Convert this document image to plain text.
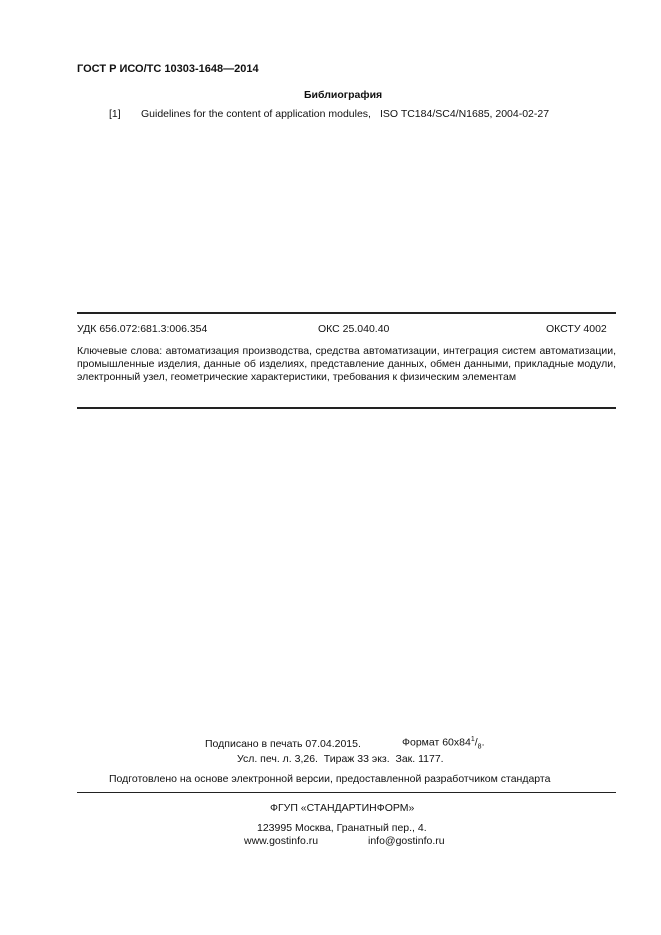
ГОСТ Р ИСО/ТС 10303-1648—2014
Библиография
[1] Guidelines for the content of application modules, ISO TC184/SC4/N1685, 2004-02-27
УДК 656.072:681.3:006.354	ОКС 25.040.40	ОКСТУ 4002
Ключевые слова: автоматизация производства, средства автоматизации, интеграция систем автоматизации, промышленные изделия, данные об изделиях, представление данных, обмен данными, прикладные модули, электронный узел, геометрические характеристики, требования к физическим элементам
Подписано в печать 07.04.2015.	Формат $60х84^1/_8$.
Усл. печ. л. 3,26.  Тираж 33 экз.  Зак. 1177.
Подготовлено на основе электронной версии, предоставленной разработчиком стандарта
ФГУП «СТАНДАРТИНФОРМ»
123995 Москва, Гранатный пер., 4.
www.gostinfo.ru	info@gostinfo.ru
